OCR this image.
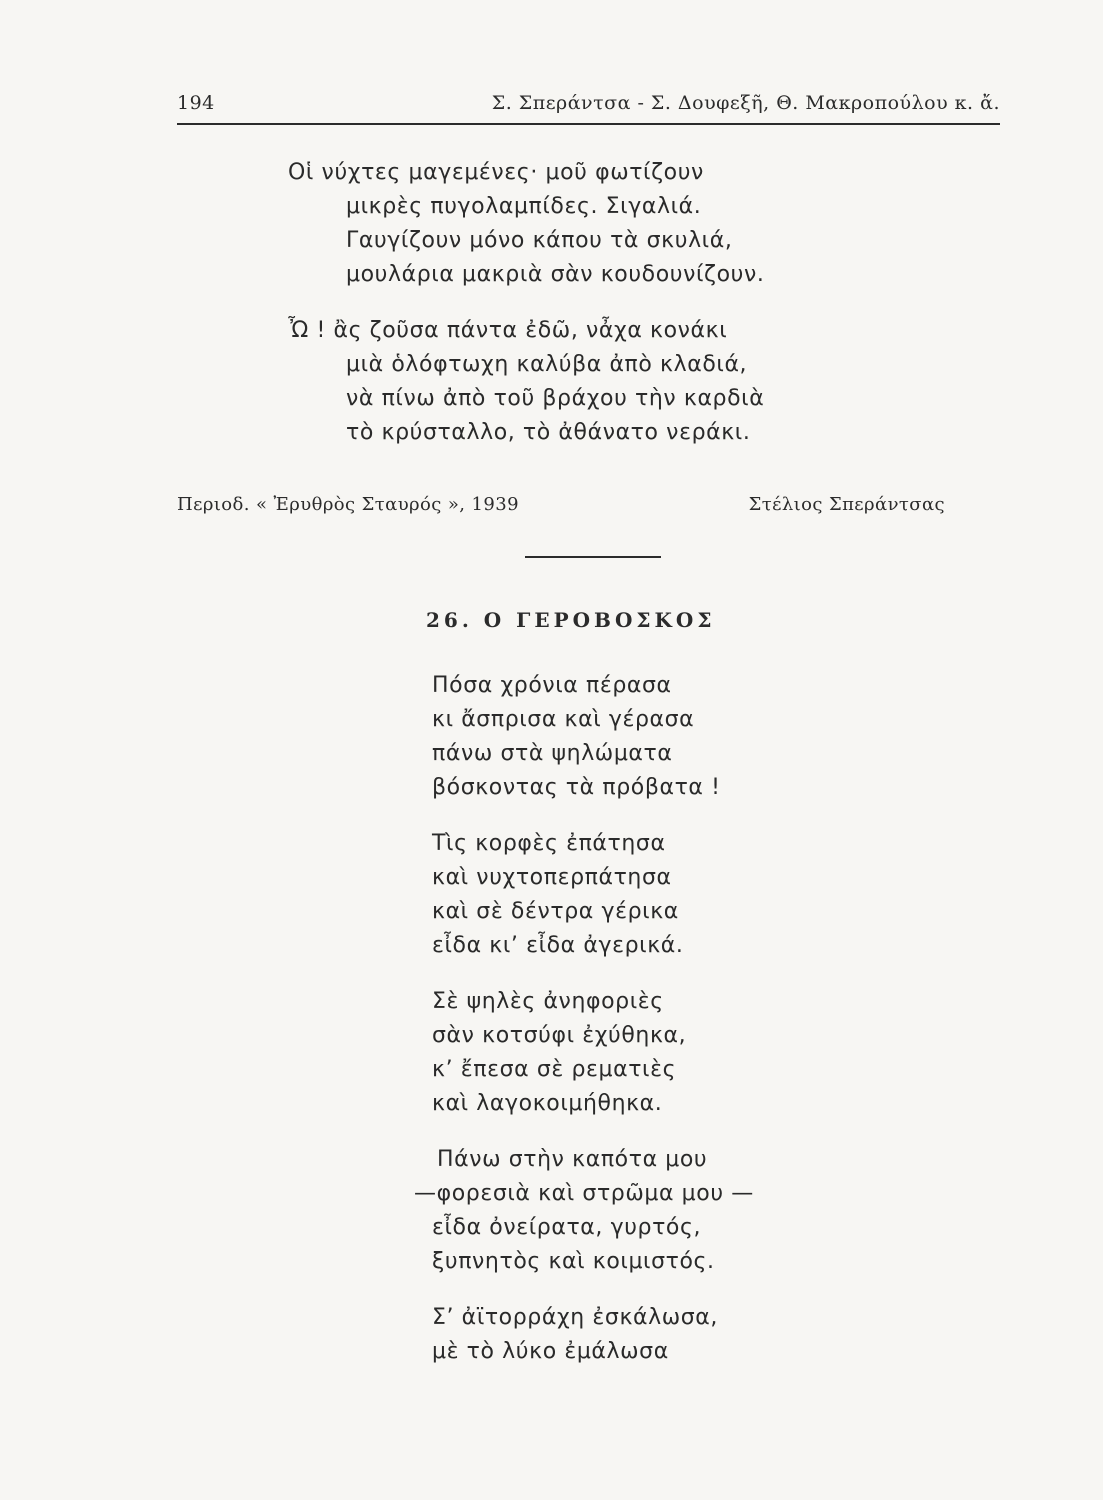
194	Σ. Σπεράντσα - Σ. Δουφεξῆ, Θ. Μακροπούλου κ. ἄ.
Οἱ νύχτες μαγεμένες· μοῦ φωτίζουν
μικρὲς πυγολαμπίδες. Σιγαλιά.
Γαυγίζουν μόνο κάπου τὰ σκυλιά,
μουλάρια μακριὰ σὰν κουδουνίζουν.
Ὦ ! ἂς ζοῦσα πάντα ἐδῶ, νἆχα κονάκι
μιὰ ὁλόφτωχη καλύβα ἀπὸ κλαδιά,
νὰ πίνω ἀπὸ τοῦ βράχου τὴν καρδιὰ
τὸ κρύσταλλο, τὸ ἀθάνατο νεράκι.
Περιοδ. « Ἐρυθρὸς Σταυρός », 1939	Στέλιος Σπεράντσας
26. Ο ΓΕΡΟΒΟΣΚΟΣ
Πόσα χρόνια πέρασα
κι ἄσπρισα καὶ γέρασα
πάνω στὰ ψηλώματα
βόσκοντας τὰ πρόβατα !
Τὶς κορφὲς ἐπάτησα
καὶ νυχτοπερπάτησα
καὶ σὲ δέντρα γέρικα
εἶδα κι’ εἶδα ἀγερικά.
Σὲ ψηλὲς ἀνηφοριὲς
σὰν κοτσύφι ἐχύθηκα,
κ’ ἔπεσα σὲ ρεματιὲς
καὶ λαγοκοιμήθηκα.
Πάνω στὴν καπότα μου
—φορεσιὰ καὶ στρῶμα μου —
εἶδα ὀνείρατα, γυρτός,
ξυπνητὸς καὶ κοιμιστός.
Σ’ ἀϊτορράχη ἐσκάλωσα,
μὲ τὸ λύκο ἐμάλωσα
